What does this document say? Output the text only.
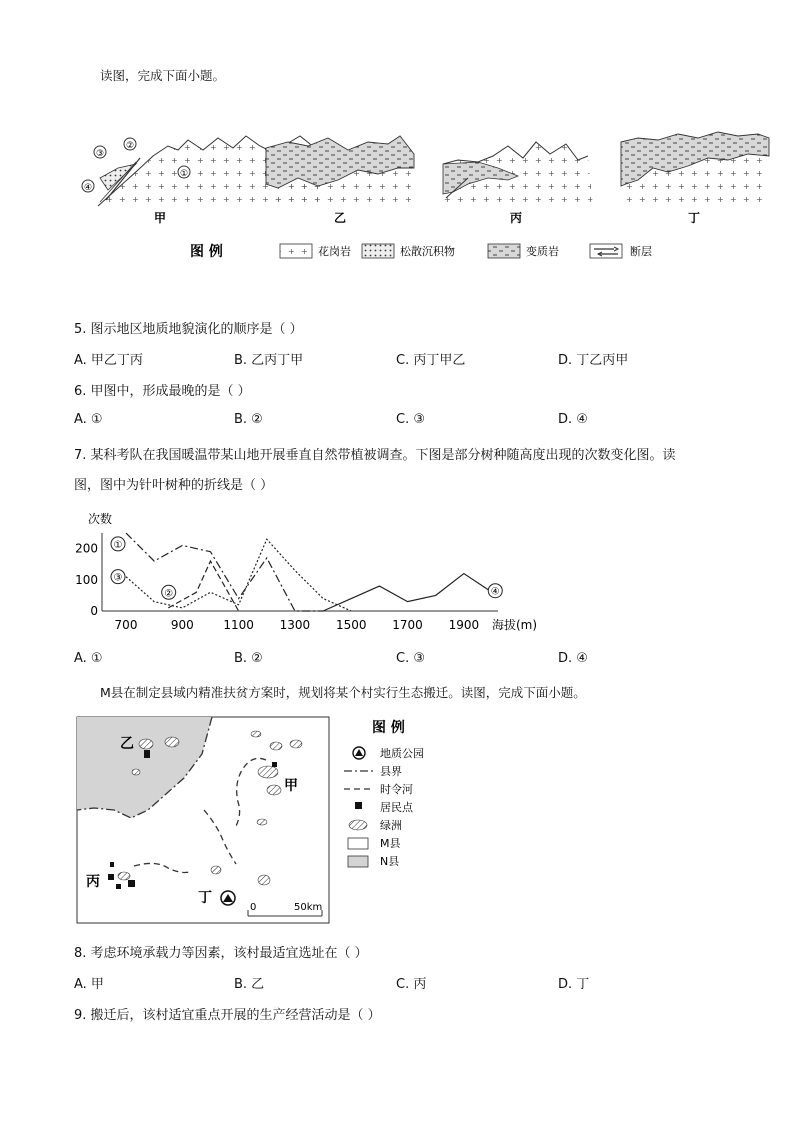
读图，完成下面小题。
③
②
④
①
甲	乙	丙	丁
图 例	花岗岩	松散沉积物	变质岩	断层
5. 图示地区地质地貌演化的顺序是（ ）
A. 甲乙丁丙	B. 乙丙丁甲	C. 丙丁甲乙	D. 丁乙丙甲
6. 甲图中，形成最晚的是（ ）
A. ①	B. ②	C. ③	D. ④
7. 某科考队在我国暖温带某山地开展垂直自然带植被调查。下图是部分树种随高度出现的次数变化图。读
图，图中为针叶树种的折线是（ ）
次数
700	900 1100 1300 1500 1700 1900
0
100
200 ①
②
③
④
海拔(m)
A. ①	B. ②	C. ③	D. ④
M县在制定县域内精准扶贫方案时，规划将某个村实行生态搬迁。读图，完成下面小题。
乙
甲
丙
丁
0	50km
图 例
地质公园
县界
时令河
居民点
绿洲
M县
N县
8. 考虑环境承载力等因素，该村最适宜选址在（ ）
A. 甲	B. 乙	C. 丙	D. 丁
9. 搬迁后，该村适宜重点开展的生产经营活动是（ ）
